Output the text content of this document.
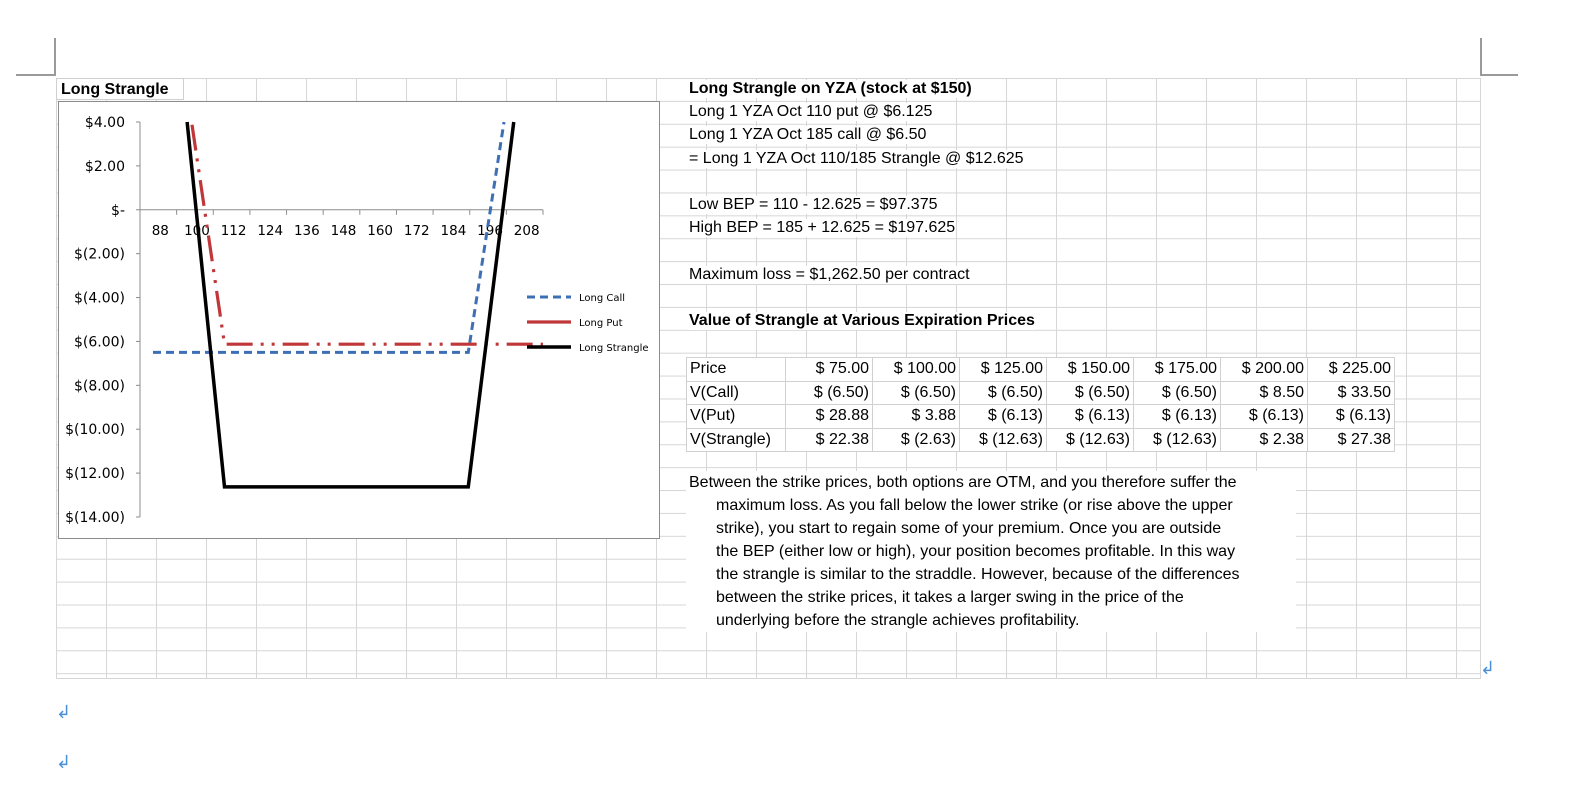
Long Strangle
$4.00
$2.00
$-
$(2.00)
$(4.00)
$(6.00)
$(8.00)
$(10.00)
$(12.00)
$(14.00)
88 100 112 124 136 148 160 172 184 196 208
Long Call
Long Put
Long Strangle
Long Strangle on YZA (stock at $150)
Long 1 YZA Oct 110 put @ $6.125
Long 1 YZA Oct 185 call @ $6.50
= Long 1 YZA Oct 110/185 Strangle @ $12.625
Low BEP = 110 - 12.625 = $97.375
High BEP = 185 + 12.625 = $197.625
Maximum loss = $1,262.50 per contract
Value of Strangle at Various Expiration Prices
Price	$ 75.00	$ 100.00	$ 125.00	$ 150.00	$ 175.00	$ 200.00	$ 225.00
V(Call)	$ (6.50)	$ (6.50)	$ (6.50)	$ (6.50)	$ (6.50)	$ 8.50	$ 33.50
V(Put)	$ 28.88	$ 3.88	$ (6.13)	$ (6.13)	$ (6.13)	$ (6.13)	$ (6.13)
V(Strangle)	$ 22.38	$ (2.63)	$ (12.63)	$ (12.63)	$ (12.63)	$ 2.38	$ 27.38
Between the strike prices, both options are OTM, and you therefore suffer the
maximum loss. As you fall below the lower strike (or rise above the upper
strike), you start to regain some of your premium. Once you are outside
the BEP (either low or high), your position becomes profitable. In this way
the strangle is similar to the straddle. However, because of the differences
between the strike prices, it takes a larger swing in the price of the
underlying before the strangle achieves profitability.
↲
↲
↲
